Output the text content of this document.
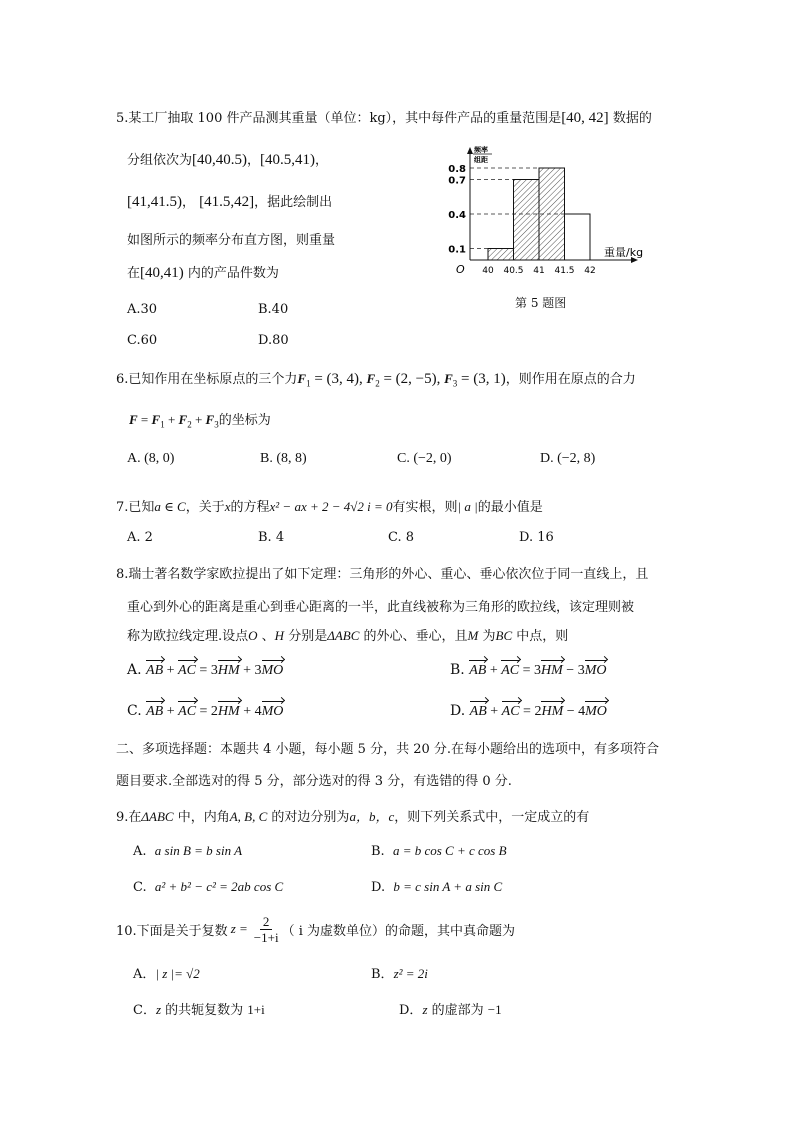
5.某工厂抽取 100 件产品测其重量（单位：kg），其中每件产品的重量范围是[40, 42] 数据的
分组依次为[40,40.5)，[40.5,41)，
[41,41.5)， [41.5,42]，据此绘制出
如图所示的频率分布直方图，则重量
在[40,41) 内的产品件数为
A.30	B.40
C.60	D.80
0.1
0.4
0.7
0.8
40 40.5 41 41.5 42
O
频率
组距
重量/kg
第 5 题图
6.已知作用在坐标原点的三个力$F_1 = (3$, 4), $F_2 = (2$, −5), $F_3 = (3$, 1)，则作用在原点的合力
$F = F_1 + F_2 + F_3$的坐标为
A. (8, 0)	B. (8, 8)	C. (−2, 0)	D. (−2, 8)
7.已知a ∈ C，关于x的方程x² − ax + 2 − 4√2 i = 0有实根，则| a |的最小值是
A. 2	B. 4	C. 8	D. 16
8.瑞士著名数学家欧拉提出了如下定理：三角形的外心、重心、垂心依次位于同一直线上，且
重心到外心的距离是重心到垂心距离的一半，此直线被称为三角形的欧拉线，该定理则被
称为欧拉线定理.设点O 、H 分别是ΔABC 的外心、垂心，且M 为BC 中点，则
A. AB + AC = 3HM + 3MO	B. AB + AC = 3HM − 3MO
C. AB + AC = 2HM + 4MO	D. AB + AC = 2HM − 4MO
二、多项选择题：本题共 4 小题，每小题 5 分，共 20 分.在每小题给出的选项中，有多项符合
题目要求.全部选对的得 5 分，部分选对的得 3 分，有选错的得 0 分.
9.在ΔABC 中，内角A, B, C 的对边分别为a，b，c，则下列关系式中，一定成立的有
A. a sin B = b sin A	B. a = b cos C + c cos B
C. a² + b² − c² = 2ab cos C	D. b = c sin A + a sin C
10.下面是关于复数 $z = \frac{2}{-1+i}$ （ i 为虚数单位）的命题，其中真命题为
A．| z |= √2	B．z² = 2i
C．z 的共轭复数为 1+i	D．z 的虚部为 −1
